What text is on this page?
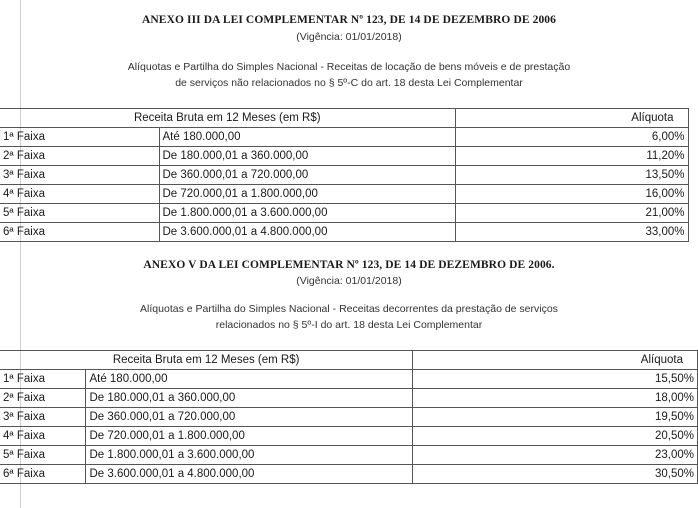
ANEXO III DA LEI COMPLEMENTAR Nº 123, DE 14 DE DEZEMBRO DE 2006
(Vigência: 01/01/2018)
Alíquotas e Partilha do Simples Nacional - Receitas de locação de bens móveis e de prestação
de serviços não relacionados no § 5º-C do art. 18 desta Lei Complementar
Receita Bruta em 12 Meses (em R$)		Alíquota
1ª Faixa	Até 180.000,00	6,00%
2ª Faixa	De 180.000,01 a 360.000,00	11,20%
3ª Faixa	De 360.000,01 a 720.000,00	13,50%
4ª Faixa	De 720.000,01 a 1.800.000,00	16,00%
5ª Faixa	De 1.800.000,01 a 3.600.000,00	21,00%
6ª Faixa	De 3.600.000,01 a 4.800.000,00	33,00%
ANEXO V DA LEI COMPLEMENTAR Nº 123, DE 14 DE DEZEMBRO DE 2006.
(Vigência: 01/01/2018)
Alíquotas e Partilha do Simples Nacional - Receitas decorrentes da prestação de serviços
relacionados no § 5º-I do art. 18 desta Lei Complementar
Receita Bruta em 12 Meses (em R$)		Alíquota
1ª Faixa	Até 180.000,00	15,50%
2ª Faixa	De 180.000,01 a 360.000,00	18,00%
3ª Faixa	De 360.000,01 a 720.000,00	19,50%
4ª Faixa	De 720.000,01 a 1.800.000,00	20,50%
5ª Faixa	De 1.800.000,01 a 3.600.000,00	23,00%
6ª Faixa	De 3.600.000,01 a 4.800.000,00	30,50%
